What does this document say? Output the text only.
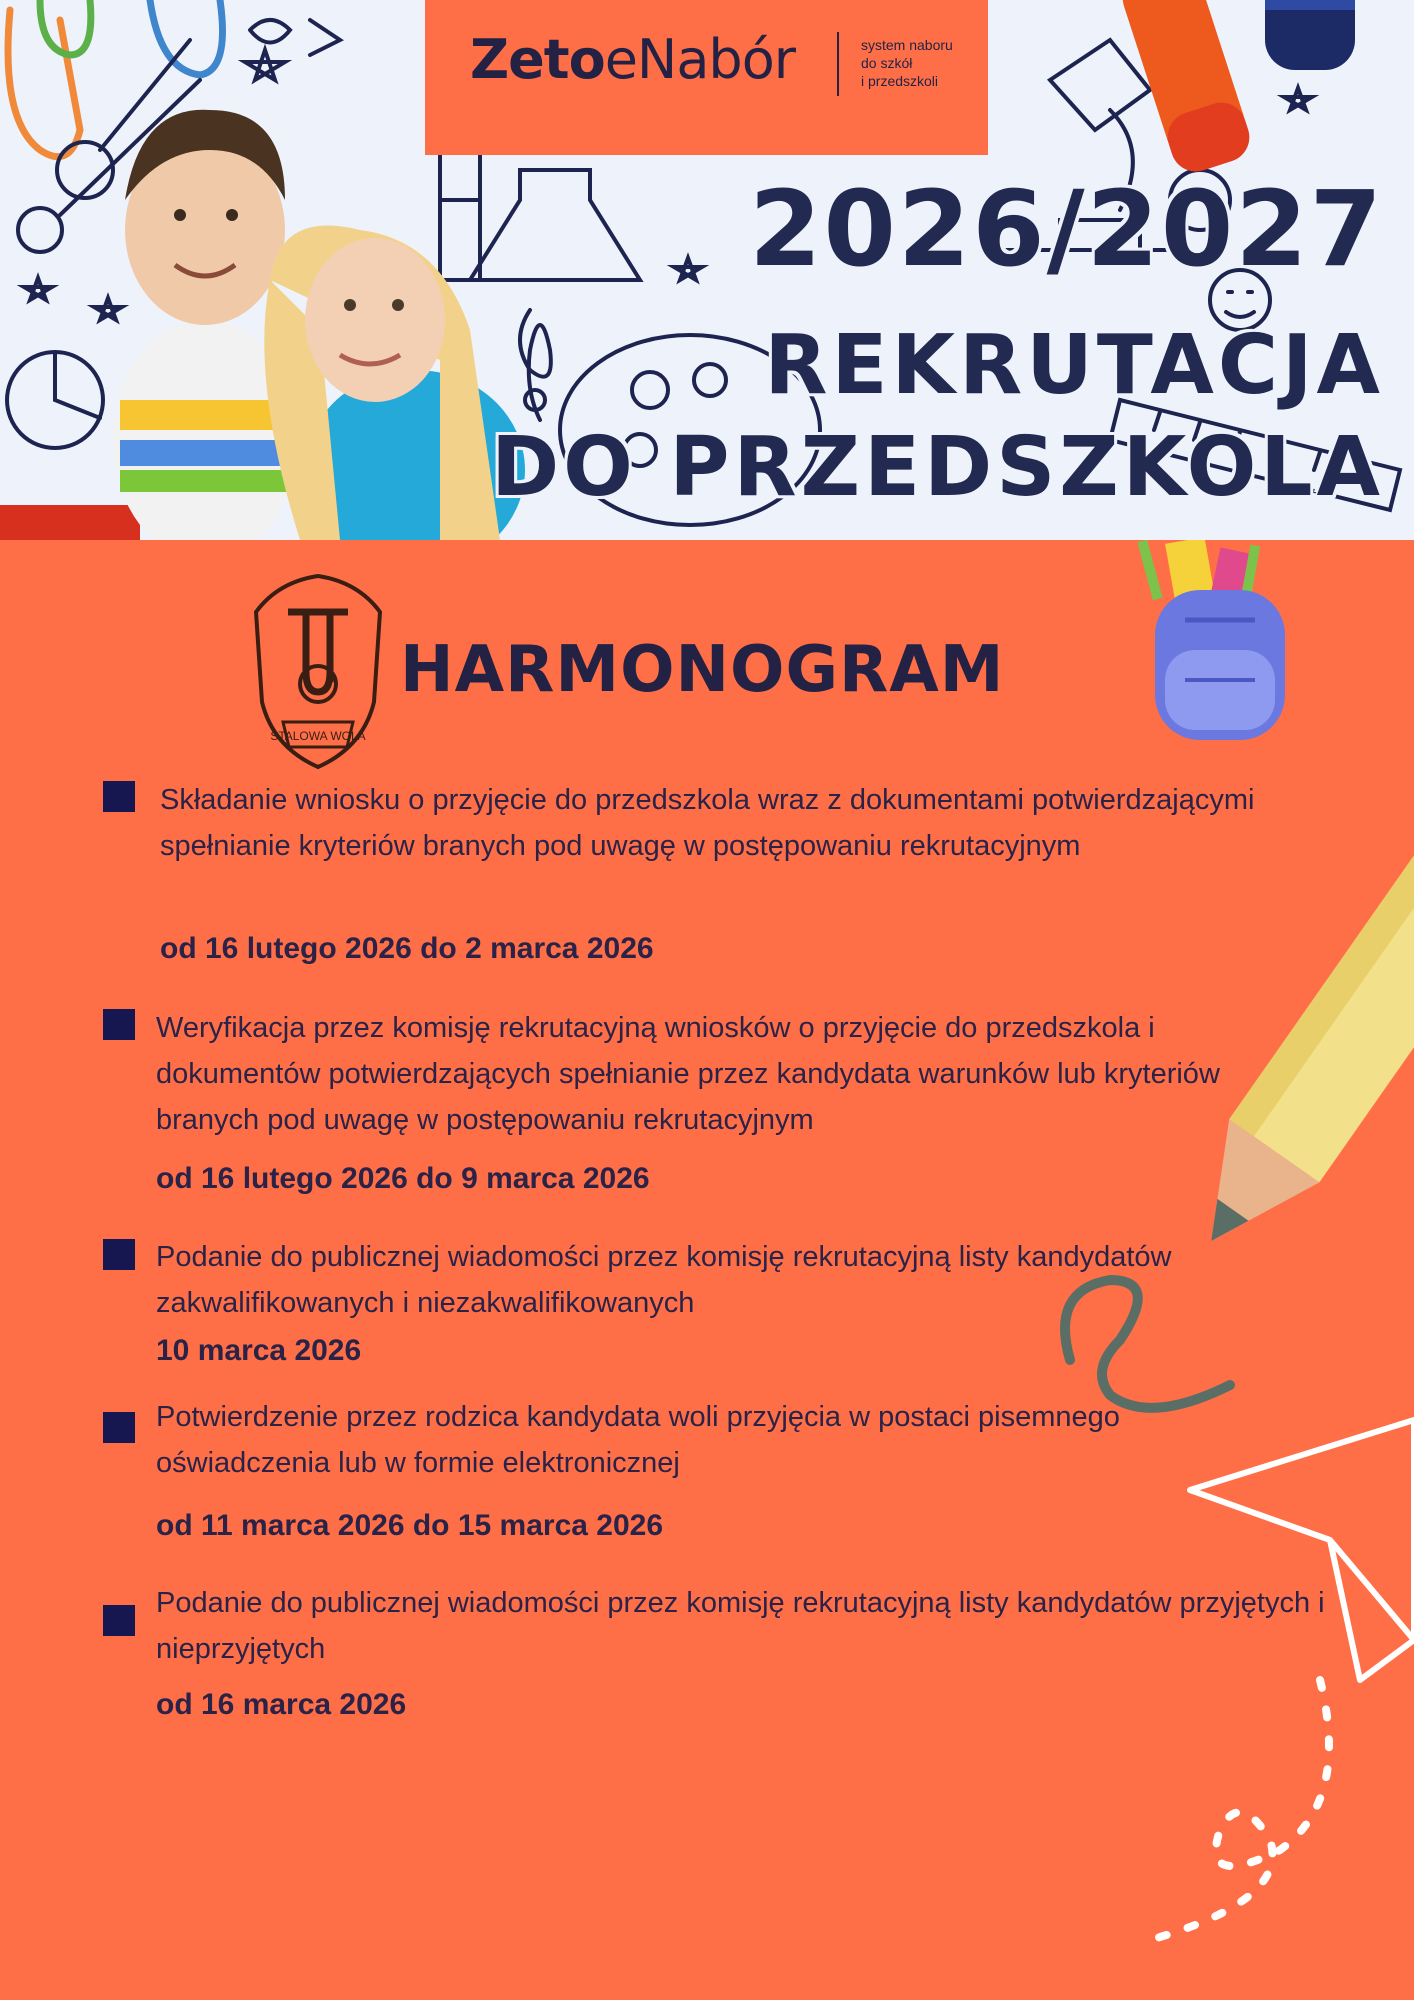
ZetoeNabór	system naboru
do szkół
i przedszkoli
2026/2027
REKRUTACJA
DO PRZEDSZKOLA
STALOWA WOLA
HARMONOGRAM
Składanie wniosku o przyjęcie do przedszkola wraz z dokumentami potwierdzającymi spełnianie kryteriów branych pod uwagę w postępowaniu rekrutacyjnym
od 16 lutego 2026 do 2 marca 2026
Weryfikacja przez komisję rekrutacyjną wniosków o przyjęcie do przedszkola i dokumentów potwierdzających spełnianie przez kandydata warunków lub kryteriów branych pod uwagę w postępowaniu rekrutacyjnym
od 16 lutego 2026 do 9 marca 2026
Podanie do publicznej wiadomości przez komisję rekrutacyjną listy kandydatów zakwalifikowanych i niezakwalifikowanych
10 marca 2026
Potwierdzenie przez rodzica kandydata woli przyjęcia w postaci pisemnego oświadczenia lub w formie elektronicznej
od 11 marca 2026 do 15 marca 2026
Podanie do publicznej wiadomości przez komisję rekrutacyjną listy kandydatów przyjętych i nieprzyjętych
od 16 marca 2026
